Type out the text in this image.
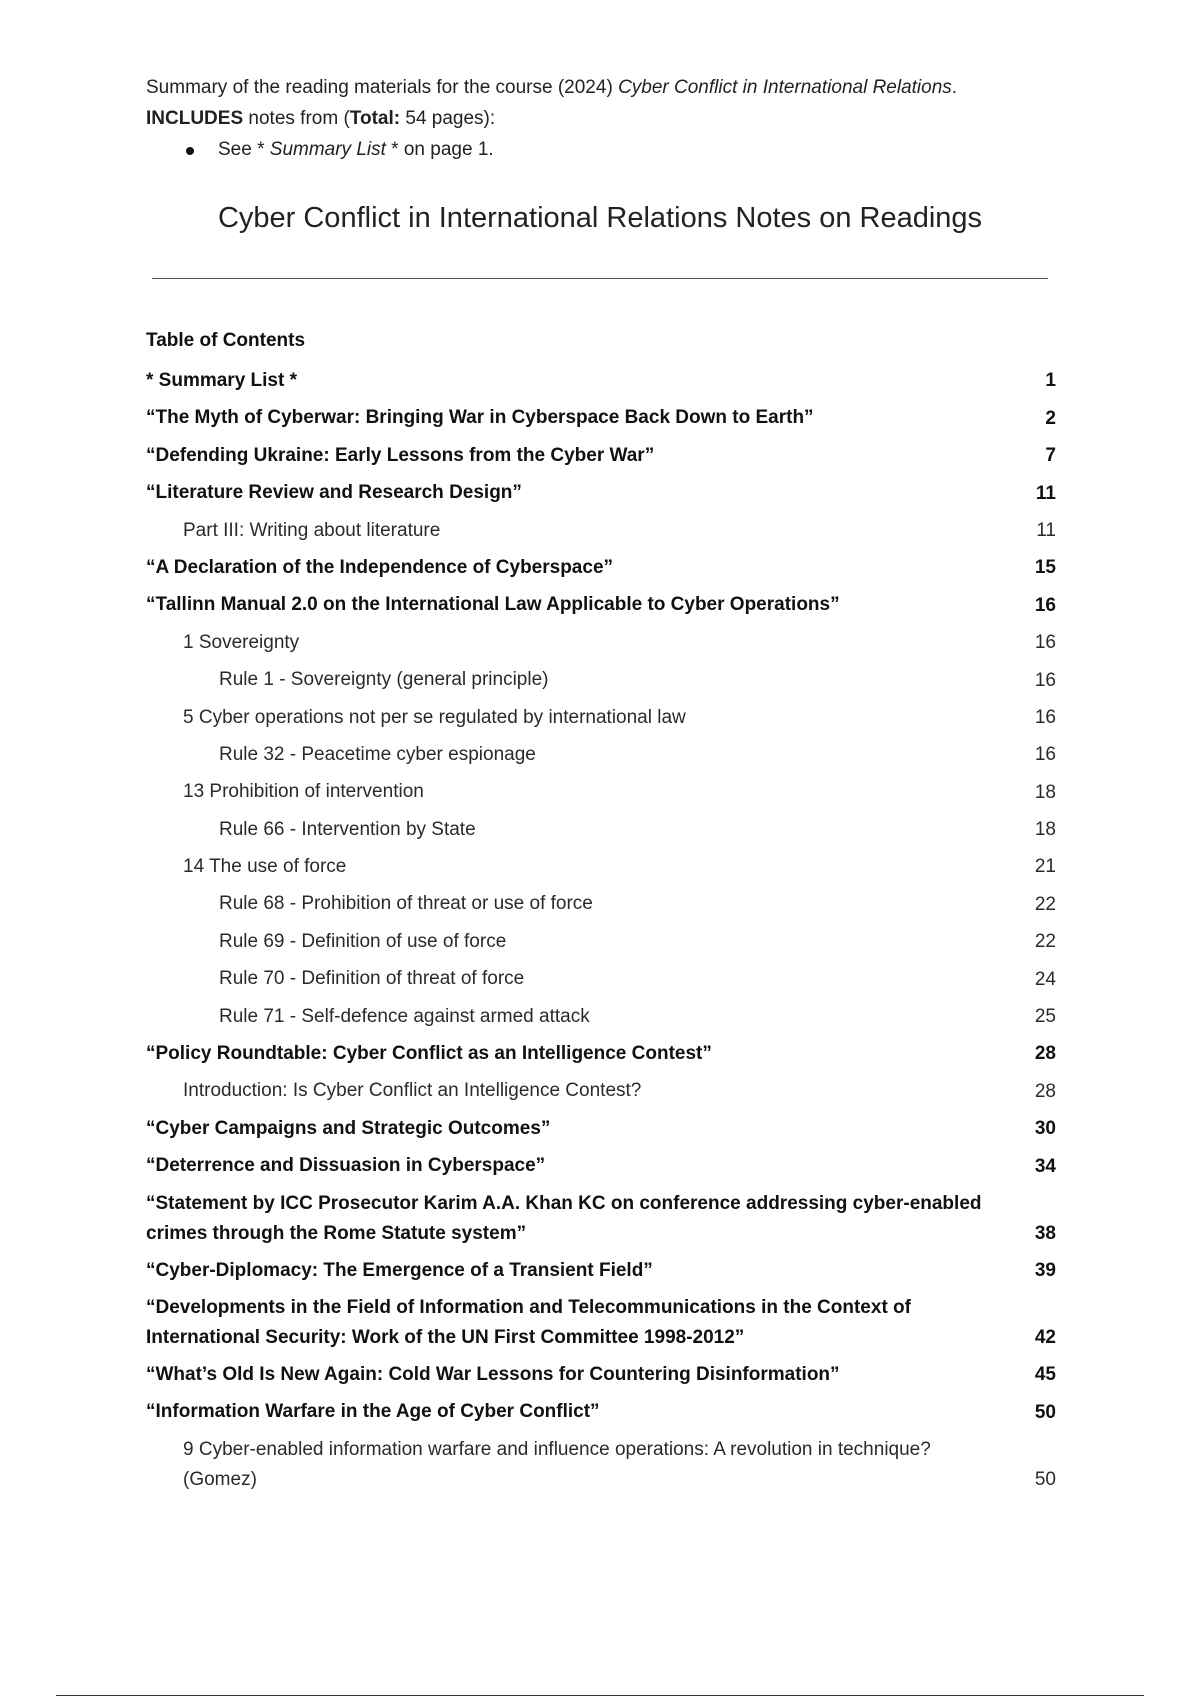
Summary of the reading materials for the course (2024) Cyber Conflict in International Relations.
INCLUDES notes from (Total: 54 pages):
See * Summary List * on page 1.
Cyber Conflict in International Relations Notes on Readings
Table of Contents
* Summary List *	1
“The Myth of Cyberwar: Bringing War in Cyberspace Back Down to Earth”	2
“Defending Ukraine: Early Lessons from the Cyber War”	7
“Literature Review and Research Design”	11
Part III: Writing about literature	11
“A Declaration of the Independence of Cyberspace”	15
“Tallinn Manual 2.0 on the International Law Applicable to Cyber Operations”	16
1 Sovereignty	16
Rule 1 - Sovereignty (general principle)	16
5 Cyber operations not per se regulated by international law	16
Rule 32 - Peacetime cyber espionage	16
13 Prohibition of intervention	18
Rule 66 - Intervention by State	18
14 The use of force	21
Rule 68 - Prohibition of threat or use of force	22
Rule 69 - Definition of use of force	22
Rule 70 - Definition of threat of force	24
Rule 71 - Self-defence against armed attack	25
“Policy Roundtable: Cyber Conflict as an Intelligence Contest”	28
Introduction: Is Cyber Conflict an Intelligence Contest?	28
“Cyber Campaigns and Strategic Outcomes”	30
“Deterrence and Dissuasion in Cyberspace”	34
“Statement by ICC Prosecutor Karim A.A. Khan KC on conference addressing cyber-enabled crimes through the Rome Statute system”	38
“Cyber-Diplomacy: The Emergence of a Transient Field”	39
“Developments in the Field of Information and Telecommunications in the Context of International Security: Work of the UN First Committee 1998-2012”	42
“What’s Old Is New Again: Cold War Lessons for Countering Disinformation”	45
“Information Warfare in the Age of Cyber Conflict”	50
9 Cyber-enabled information warfare and influence operations: A revolution in technique? (Gomez)	50
